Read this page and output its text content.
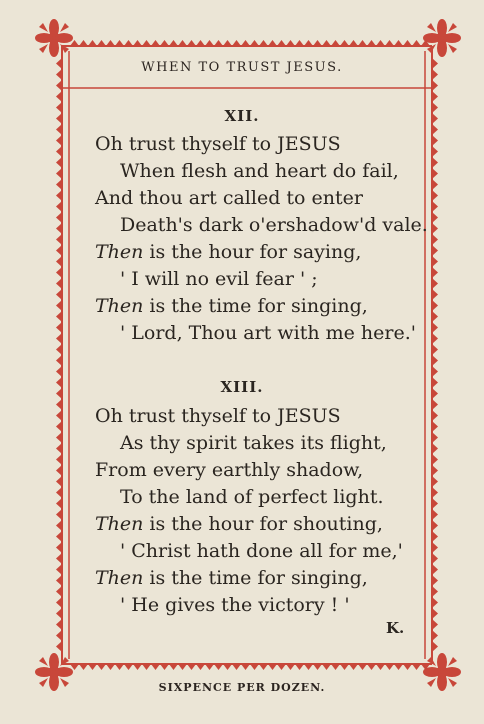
WHEN TO TRUST JESUS.
XII.
Oh trust thyself to JESUS
When flesh and heart do fail,
And thou art called to enter
Death's dark o'ershadow'd vale.
Then is the hour for saying,
' I will no evil fear ' ;
Then is the time for singing,
' Lord, Thou art with me here.'
XIII.
Oh trust thyself to JESUS
As thy spirit takes its flight,
From every earthly shadow,
To the land of perfect light.
Then is the hour for shouting,
' Christ hath done all for me,'
Then is the time for singing,
' He gives the victory ! '
K.
SIXPENCE PER DOZEN.
